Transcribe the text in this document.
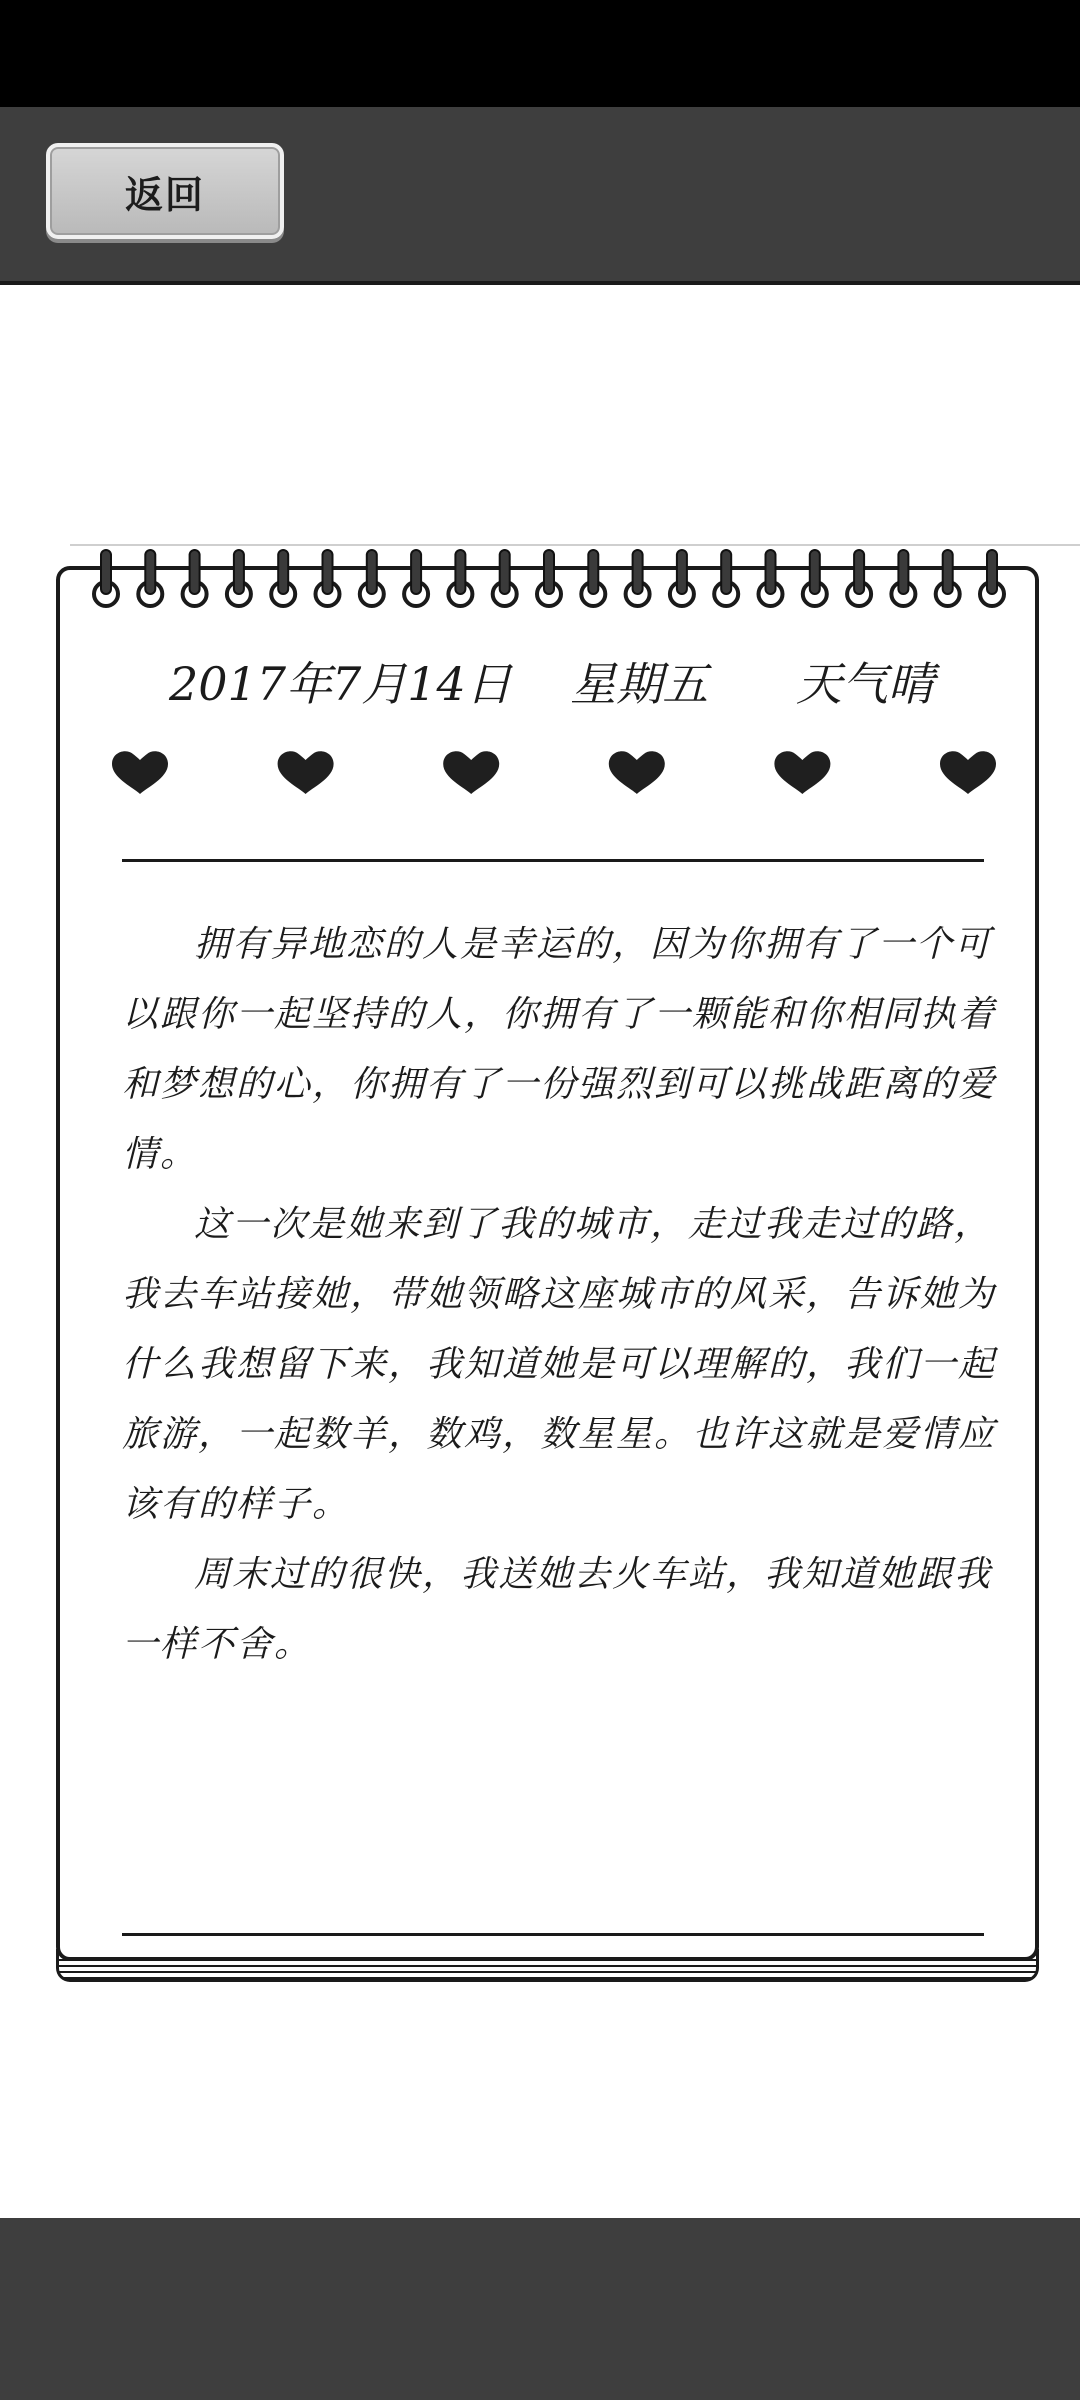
返回
2017年7月14日    星期五      天气晴

拥有异地恋的人是幸运的，因为你拥有了一个可以跟你一起坚持的人，你拥有了一颗能和你相同执着和梦想的心，你拥有了一份强烈到可以挑战距离的爱情。

这一次是她来到了我的城市，走过我走过的路，我去车站接她，带她领略这座城市的风采，告诉她为什么我想留下来，我知道她是可以理解的，我们一起旅游，一起数羊，数鸡，数星星。也许这就是爱情应该有的样子。

周末过的很快，我送她去火车站，我知道她跟我一样不舍。
